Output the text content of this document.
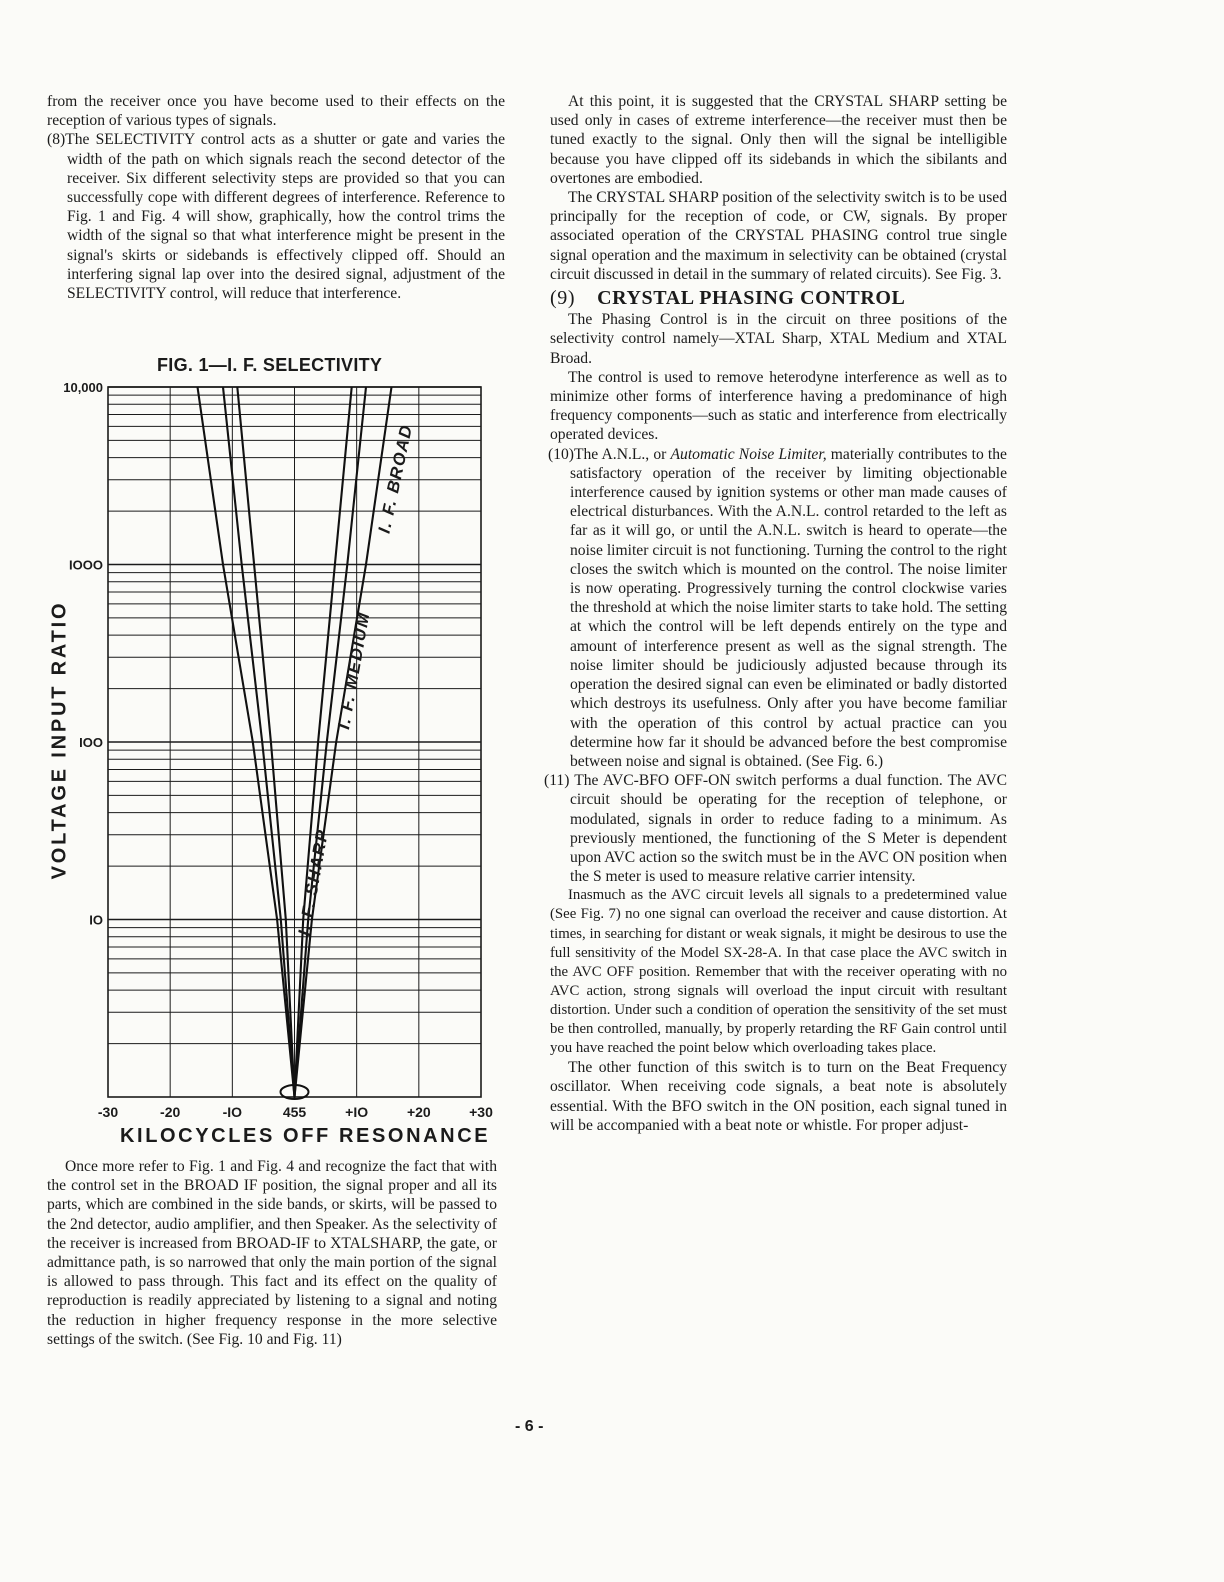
from the receiver once you have become used to their effects on the reception of various types of signals.

(8)The SELECTIVITY control acts as a shutter or gate and varies the width of the path on which signals reach the second detector of the receiver. Six different selectivity steps are provided so that you can successfully cope with different degrees of interference. Reference to Fig. 1 and Fig. 4 will show, graphically, how the control trims the width of the signal so that what interference might be present in the signal's skirts or sidebands is effectively clipped off. Should an interfering signal lap over into the desired signal, adjustment of the SELECTIVITY control, will reduce that interference.

FIG. 1—I. F. SELECTIVITY
-30	-20	-IO	455	+IO	+20	+30
10,000
IOOO
IOO
IO
I. F. BROAD
I. F. MEDIUM
I. F. SHARP
VOLTAGE INPUT RATIO
KILOCYCLES OFF RESONANCE

Once more refer to Fig. 1 and Fig. 4 and recognize the fact that with the control set in the BROAD IF position, the signal proper and all its parts, which are combined in the side bands, or skirts, will be passed to the 2nd detector, audio amplifier, and then Speaker. As the selectivity of the receiver is increased from BROAD-IF to XTALSHARP, the gate, or admittance path, is so narrowed that only the main portion of the signal is allowed to pass through. This fact and its effect on the quality of reproduction is readily appreciated by listening to a signal and noting the reduction in higher frequency response in the more selective settings of the switch. (See Fig. 10 and Fig. 11)

At this point, it is suggested that the CRYSTAL SHARP setting be used only in cases of extreme interference—the receiver must then be tuned exactly to the signal. Only then will the signal be intelligible because you have clipped off its sidebands in which the sibilants and overtones are embodied.

The CRYSTAL SHARP position of the selectivity switch is to be used principally for the reception of code, or CW, signals. By proper associated operation of the CRYSTAL PHASING control true single signal operation and the maximum in selectivity can be obtained (crystal circuit discussed in detail in the summary of related circuits). See Fig. 3.

(9) CRYSTAL PHASING CONTROL

The Phasing Control is in the circuit on three positions of the selectivity control namely—XTAL Sharp, XTAL Medium and XTAL Broad.

The control is used to remove heterodyne interference as well as to minimize other forms of interference having a predominance of high frequency components—such as static and interference from electrically operated devices.

(10)The A.N.L., or Automatic Noise Limiter, materially contributes to the satisfactory operation of the receiver by limiting objectionable interference caused by ignition systems or other man made causes of electrical disturbances. With the A.N.L. control retarded to the left as far as it will go, or until the A.N.L. switch is heard to operate—the noise limiter circuit is not functioning. Turning the control to the right closes the switch which is mounted on the control. The noise limiter is now operating. Progressively turning the control clockwise varies the threshold at which the noise limiter starts to take hold. The setting at which the control will be left depends entirely on the type and amount of interference present as well as the signal strength. The noise limiter should be judiciously adjusted because through its operation the desired signal can even be eliminated or badly distorted which destroys its usefulness. Only after you have become familiar with the operation of this control by actual practice can you determine how far it should be advanced before the best compromise between noise and signal is obtained. (See Fig. 6.)

(11) The AVC-BFO OFF-ON switch performs a dual function. The AVC circuit should be operating for the reception of telephone, or modulated, signals in order to reduce fading to a minimum. As previously mentioned, the functioning of the S Meter is dependent upon AVC action so the switch must be in the AVC ON position when the S meter is used to measure relative carrier intensity.

Inasmuch as the AVC circuit levels all signals to a predetermined value (See Fig. 7) no one signal can overload the receiver and cause distortion. At times, in searching for distant or weak signals, it might be desirous to use the full sensitivity of the Model SX-28-A. In that case place the AVC switch in the AVC OFF position. Remember that with the receiver operating with no AVC action, strong signals will overload the input circuit with resultant distortion. Under such a condition of operation the sensitivity of the set must be then controlled, manually, by properly retarding the RF Gain control until you have reached the point below which overloading takes place.

The other function of this switch is to turn on the Beat Frequency oscillator. When receiving code signals, a beat note is absolutely essential. With the BFO switch in the ON position, each signal tuned in will be accompanied with a beat note or whistle. For proper adjust-

- 6 -
